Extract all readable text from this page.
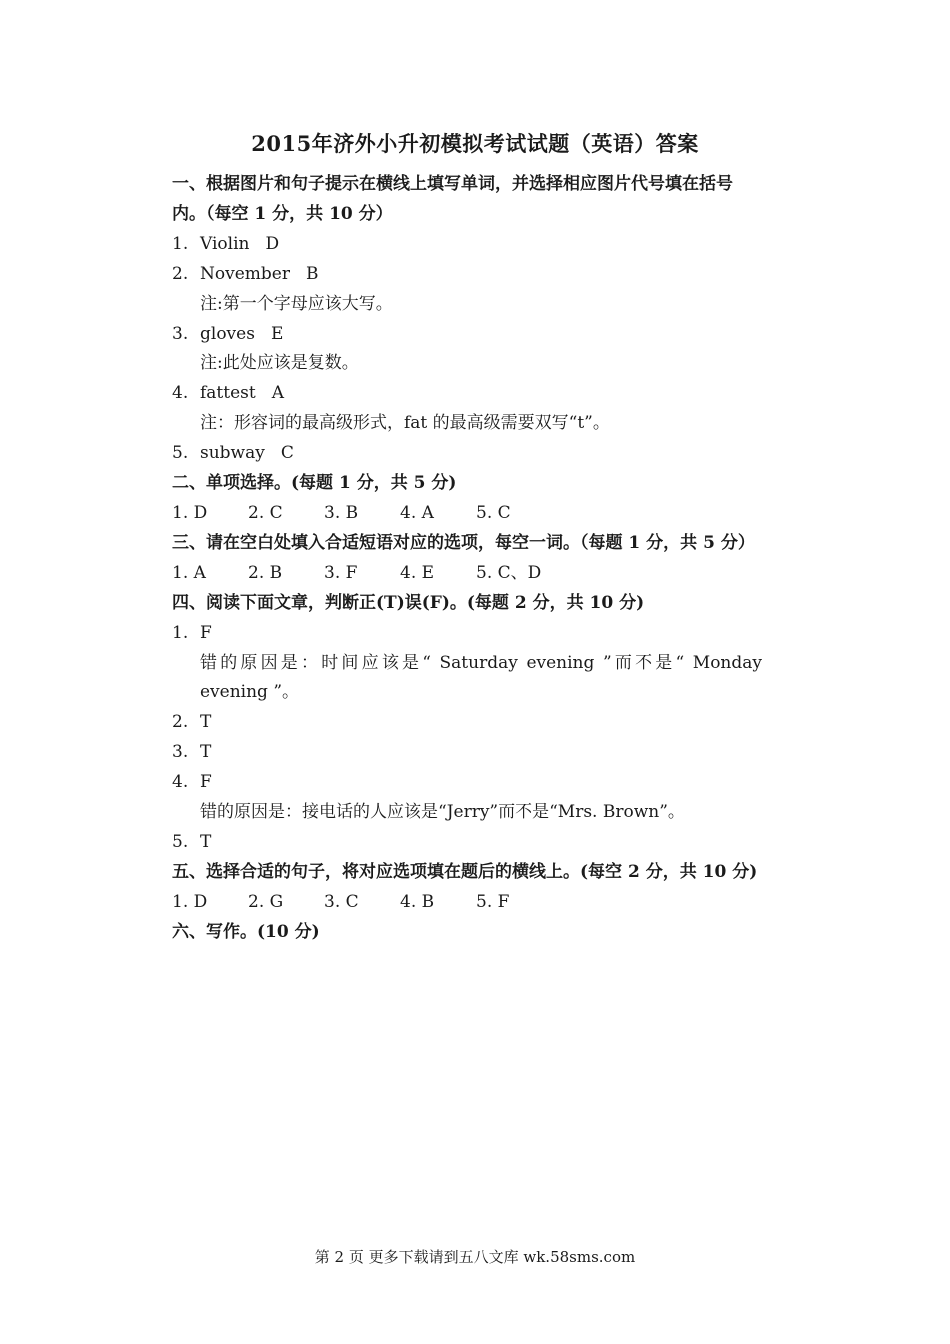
2015年济外小升初模拟考试试题（英语）答案
一、根据图片和句子提示在横线上填写单词，并选择相应图片代号填在括号内。（每空 1 分，共 10 分）
1. Violin D
2. November B
注:第一个字母应该大写。
3. gloves E
注:此处应该是复数。
4. fattest A
注：形容词的最高级形式，fat 的最高级需要双写“t”。
5. subway C
二、单项选择。(每题 1 分，共 5 分)
1. D 2. C 3. B 4. A 5. C
三、请在空白处填入合适短语对应的选项，每空一词。（每题 1 分，共 5 分）
1. A 2. B 3. F	4. E 5. C、D
四、阅读下面文章，判断正(T)误(F)。(每题 2 分，共 10 分)
1. F
错的原因是：时间应该是“ Saturday evening ”而不是“ Monday evening ”。
2. T
3. T
4. F
错的原因是：接电话的人应该是“Jerry”而不是“Mrs. Brown”。
5. T
五、选择合适的句子，将对应选项填在题后的横线上。(每空 2 分，共 10 分)
1. D 2. G 3. C 4. B 5. F
六、写作。(10 分)
第 2 页 更多下载请到五八文库 wk.58sms.com
